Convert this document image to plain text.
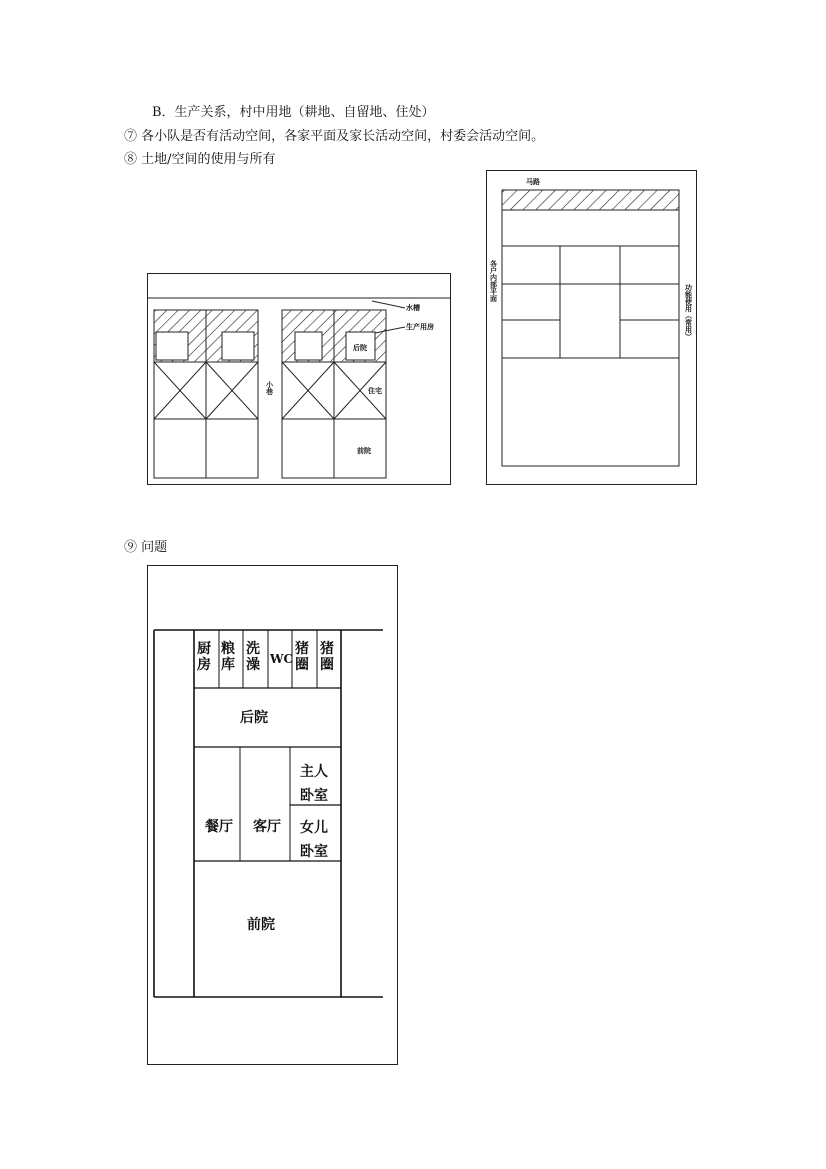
B．生产关系，村中用地（耕地、自留地、住处）
⑦ 各小队是否有活动空间，各家平面及家长活动空间，村委会活动空间。
⑧ 土地/空间的使用与所有
⑨ 问题
水槽
生产用房
后院
小巷	住宅
前院
马路
各户内部平面
功能使用（常用）
厨房
粮库
洗澡 WC
猪圈
猪圈
后院
主人卧室
餐厅 客厅 女儿卧室
前院
